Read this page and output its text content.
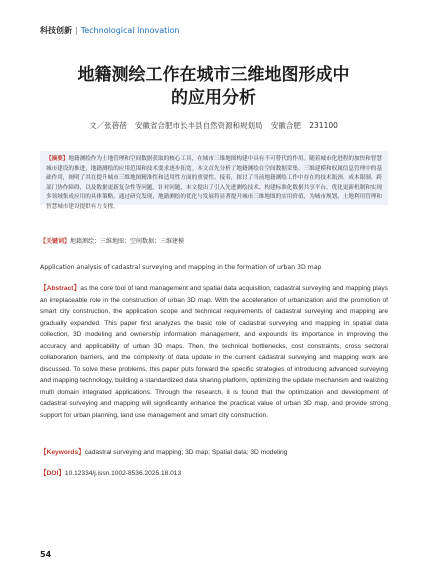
科技创新 | Technological Innovation
地籍测绘工作在城市三维地图形成中
的应用分析
文／张蓓蓓 安徽省合肥市长丰县自然资源和规划局 安徽合肥 231100
【摘要】地籍测绘作为土地管理和空间数据获取的核心工具，在城市三维地图构建中具有不可替代的作用。随着城市化进程的加快和智慧城市建设的推进，地籍测绘的应用范围和技术要求逐步拓宽。本文首先分析了地籍测绘在空间数据采集、三维建模和权属信息管理中的基础作用，阐明了其在提升城市三维地图精准性和适用性方面的重要性。接着，探讨了当前地籍测绘工作中存在的技术瓶颈、成本限制、跨部门协作障碍，以及数据更新复杂性等问题。针对问题，本文提出了引入先进测绘技术、构建标准化数据共享平台、优化更新机制和实现多领域集成应用的具体策略。通过研究发现，地籍测绘的优化与发展将显著提升城市三维地图的实用价值，为城市规划、土地利用管理和智慧城市建设提供有力支撑。
【关键词】地籍测绘；三维地图；空间数据；三维建模
Application analysis of cadastral surveying and mapping in the formation of urban 3D map
【Abstract】as the core tool of land management and spatial data acquisition, cadastral surveying and mapping plays an irreplaceable role in the construction of urban 3D map. With the acceleration of urbanization and the promotion of smart city construction, the application scope and technical requirements of cadastral surveying and mapping are gradually expanded. This paper first analyzes the basic role of cadastral surveying and mapping in spatial data collection, 3D modeling and ownership information management, and expounds its importance in improving the accuracy and applicability of urban 3D maps. Then, the technical bottlenecks, cost constraints, cross sectoral collaboration barriers, and the complexity of data update in the current cadastral surveying and mapping work are discussed. To solve these problems, this paper puts forward the specific strategies of introducing advanced surveying and mapping technology, building a standardized data sharing platform, optimizing the update mechanism and realizing multi domain integrated applications. Through the research, it is found that the optimization and development of cadastral surveying and mapping will significantly enhance the practical value of urban 3D map, and provide strong support for urban planning, land use management and smart city construction.
【Keywords】cadastral surveying and mapping; 3D map; Spatial data; 3D modeling
【DOI】10.12334/j.issn.1002-8536.2025.18.013
54
